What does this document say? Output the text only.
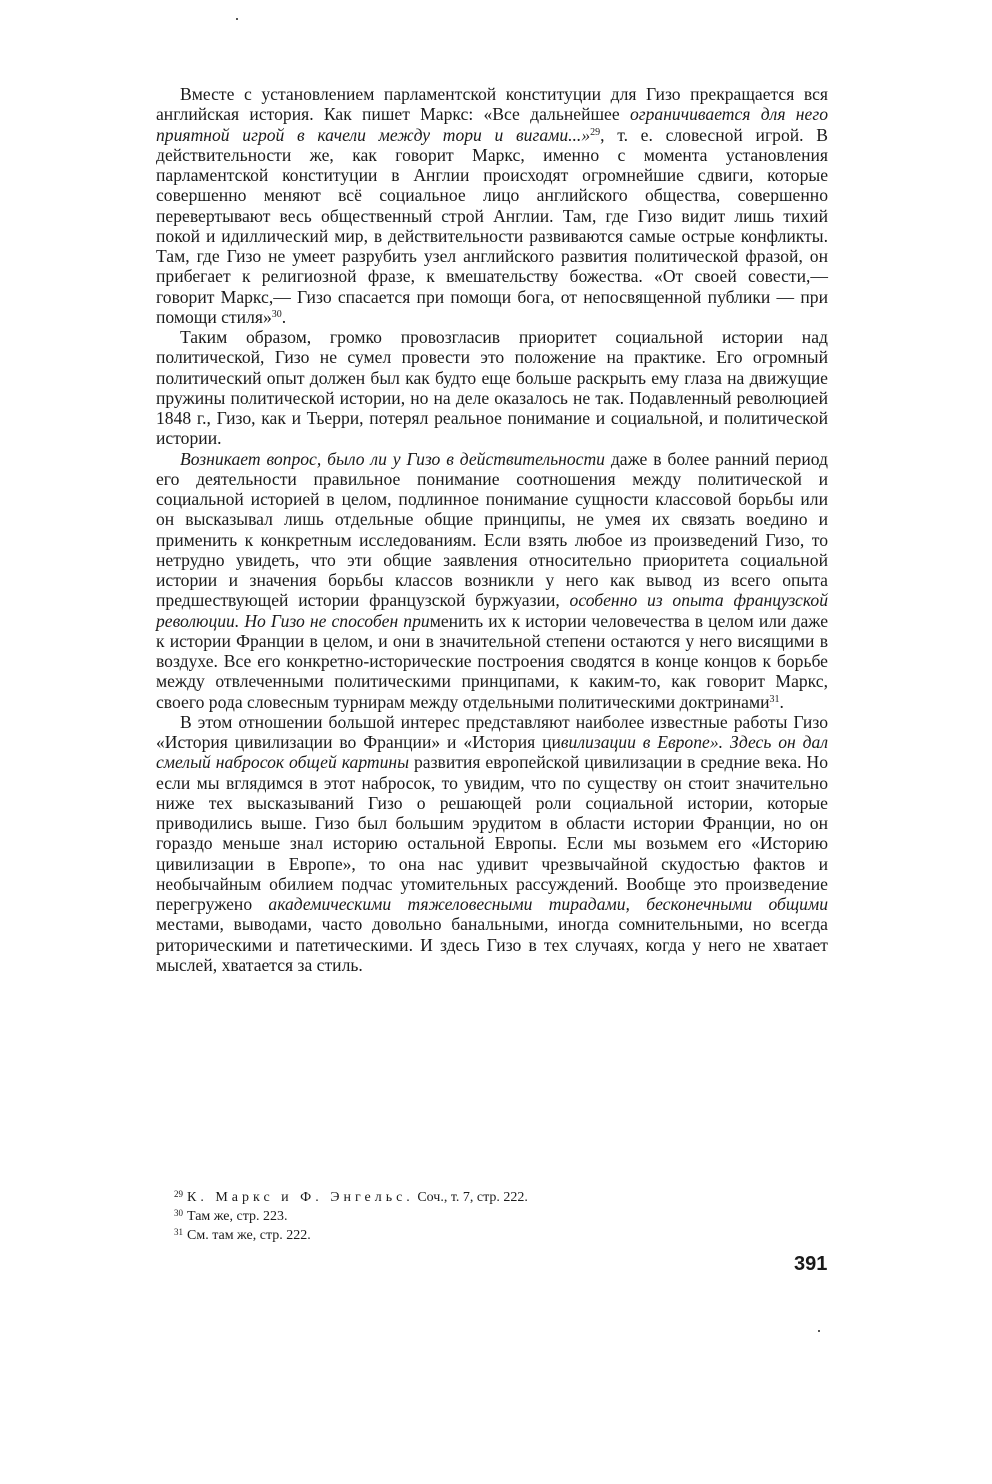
Вместе с установлением парламентской конституции для Гизо прекращается вся английская история. Как пишет Маркс: «Все дальнейшее ограничивается для него приятной игрой в качели между тори и вигами...»$^{29}$, т. е. словесной игрой. В действительности же, как говорит Маркс, именно с момента установления парламентской конституции в Англии происходят огромнейшие сдвиги, которые совершенно меняют всё социальное лицо английского общества, совершенно перевертывают весь общественный строй Англии. Там, где Гизо видит лишь тихий покой и идиллический мир, в действительности развиваются самые острые конфликты. Там, где Гизо не умеет разрубить узел английского развития политической фразой, он прибегает к религиозной фразе, к вмешательству божества. «От своей совести,— говорит Маркс,— Гизо спасается при помощи бога, от непосвященной публики — при помощи стиля»$^{30}$.

Таким образом, громко провозгласив приоритет социальной истории над политической, Гизо не сумел провести это положение на практике. Его огромный политический опыт должен был как будто еще больше раскрыть ему глаза на движущие пружины политической истории, но на деле оказалось не так. Подавленный революцией 1848 г., Гизо, как и Тьерри, потерял реальное понимание и социальной, и политической истории.

Возникает вопрос, было ли у Гизо в действительности даже в более ранний период его деятельности правильное понимание соотношения между политической и социальной историей в целом, подлинное понимание сущности классовой борьбы или он высказывал лишь отдельные общие принципы, не умея их связать воедино и применить к конкретным исследованиям. Если взять любое из произведений Гизо, то нетрудно увидеть, что эти общие заявления относительно приоритета социальной истории и значения борьбы классов возникли у него как вывод из всего опыта предшествующей истории французской буржуазии, особенно из опыта французской революции. Но Гизо не способен применить их к истории человечества в целом или даже к истории Франции в целом, и они в значительной степени остаются у него висящими в воздухе. Все его конкретно-исторические построения сводятся в конце концов к борьбе между отвлеченными политическими принципами, к каким-то, как говорит Маркс, своего рода словесным турнирам между отдельными политическими доктринами$^{31}$.

В этом отношении большой интерес представляют наиболее известные работы Гизо «История цивилизации во Франции» и «История цивилизации в Европе». Здесь он дал смелый набросок общей картины развития европейской цивилизации в средние века. Но если мы вглядимся в этот набросок, то увидим, что по существу он стоит значительно ниже тех высказываний Гизо о решающей роли социальной истории, которые приводились выше. Гизо был большим эрудитом в области истории Франции, но он гораздо меньше знал историю остальной Европы. Если мы возьмем его «Историю цивилизации в Европе», то она нас удивит чрезвычайной скудостью фактов и необычайным обилием подчас утомительных рассуждений. Вообще это произведение перегружено академическими тяжеловесными тирадами, бесконечными общими местами, выводами, часто довольно банальными, иногда сомнительными, но всегда риторическими и патетическими. И здесь Гизо в тех случаях, когда у него не хватает мыслей, хватается за стиль.

$^{29}$ К. Маркс и Ф. Энгельс. Соч., т. 7, стр. 222.

$^{30}$ Там же, стр. 223.

$^{31}$ См. там же, стр. 222.

391
